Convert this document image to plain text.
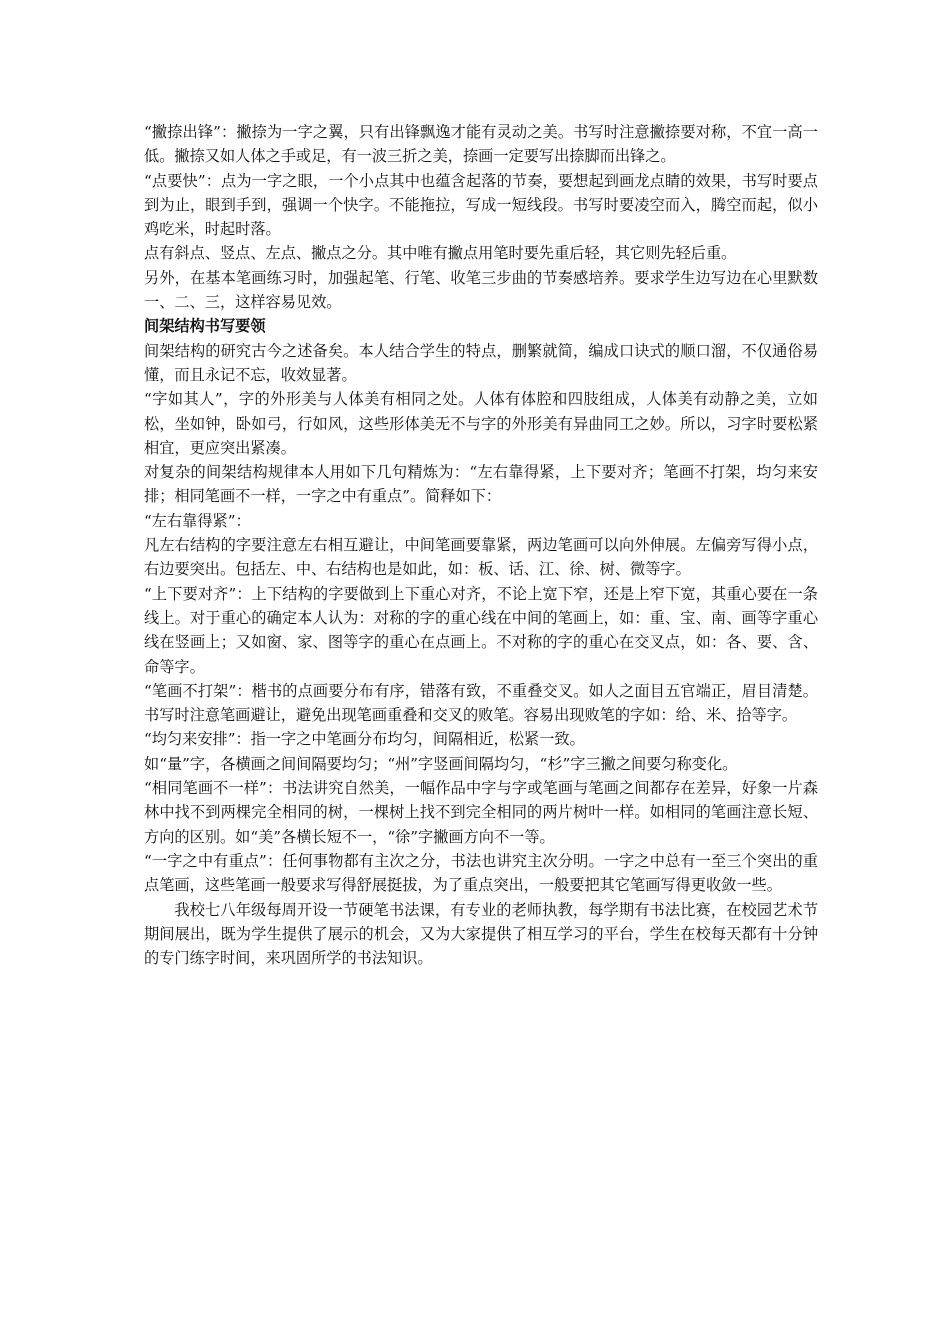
“撇捺出锋”：撇捺为一字之翼，只有出锋飘逸才能有灵动之美。书写时注意撇捺要对称，不宜一高一低。撇捺又如人体之手或足，有一波三折之美，捺画一定要写出捺脚而出锋之。

“点要快”：点为一字之眼，一个小点其中也蕴含起落的节奏，要想起到画龙点睛的效果，书写时要点到为止，眼到手到，强调一个快字。不能拖拉，写成一短线段。书写时要凌空而入，腾空而起，似小鸡吃米，时起时落。

点有斜点、竖点、左点、撇点之分。其中唯有撇点用笔时要先重后轻，其它则先轻后重。

另外，在基本笔画练习时，加强起笔、行笔、收笔三步曲的节奏感培养。要求学生边写边在心里默数一、二、三，这样容易见效。

间架结构书写要领

间架结构的研究古今之述备矣。本人结合学生的特点，删繁就简，编成口诀式的顺口溜，不仅通俗易懂，而且永记不忘，收效显著。

“字如其人”，字的外形美与人体美有相同之处。人体有体腔和四肢组成，人体美有动静之美，立如松，坐如钟，卧如弓，行如风，这些形体美无不与字的外形美有异曲同工之妙。所以，习字时要松紧相宜，更应突出紧凑。

对复杂的间架结构规律本人用如下几句精炼为：“左右靠得紧，上下要对齐；笔画不打架，均匀来安排；相同笔画不一样，一字之中有重点”。简释如下：

“左右靠得紧”：

凡左右结构的字要注意左右相互避让，中间笔画要靠紧，两边笔画可以向外伸展。左偏旁写得小点，右边要突出。包括左、中、右结构也是如此，如：板、话、江、徐、树、微等字。

“上下要对齐”：上下结构的字要做到上下重心对齐，不论上宽下窄，还是上窄下宽，其重心要在一条线上。对于重心的确定本人认为：对称的字的重心线在中间的笔画上，如：重、宝、南、画等字重心线在竖画上；又如窗、家、图等字的重心在点画上。不对称的字的重心在交叉点，如：各、要、含、命等字。

“笔画不打架”：楷书的点画要分布有序，错落有致，不重叠交叉。如人之面目五官端正，眉目清楚。书写时注意笔画避让，避免出现笔画重叠和交叉的败笔。容易出现败笔的字如：给、米、拾等字。

“均匀来安排”：指一字之中笔画分布均匀，间隔相近，松紧一致。

如“量”字，各横画之间间隔要均匀；“州”字竖画间隔均匀，“杉”字三撇之间要匀称变化。

“相同笔画不一样”：书法讲究自然美，一幅作品中字与字或笔画与笔画之间都存在差异，好象一片森林中找不到两棵完全相同的树，一棵树上找不到完全相同的两片树叶一样。如相同的笔画注意长短、方向的区别。如“美”各横长短不一，“徐”字撇画方向不一等。

“一字之中有重点”：任何事物都有主次之分，书法也讲究主次分明。一字之中总有一至三个突出的重点笔画，这些笔画一般要求写得舒展挺拔，为了重点突出，一般要把其它笔画写得更收敛一些。

我校七八年级每周开设一节硬笔书法课，有专业的老师执教，每学期有书法比赛，在校园艺术节期间展出，既为学生提供了展示的机会，又为大家提供了相互学习的平台，学生在校每天都有十分钟的专门练字时间，来巩固所学的书法知识。
